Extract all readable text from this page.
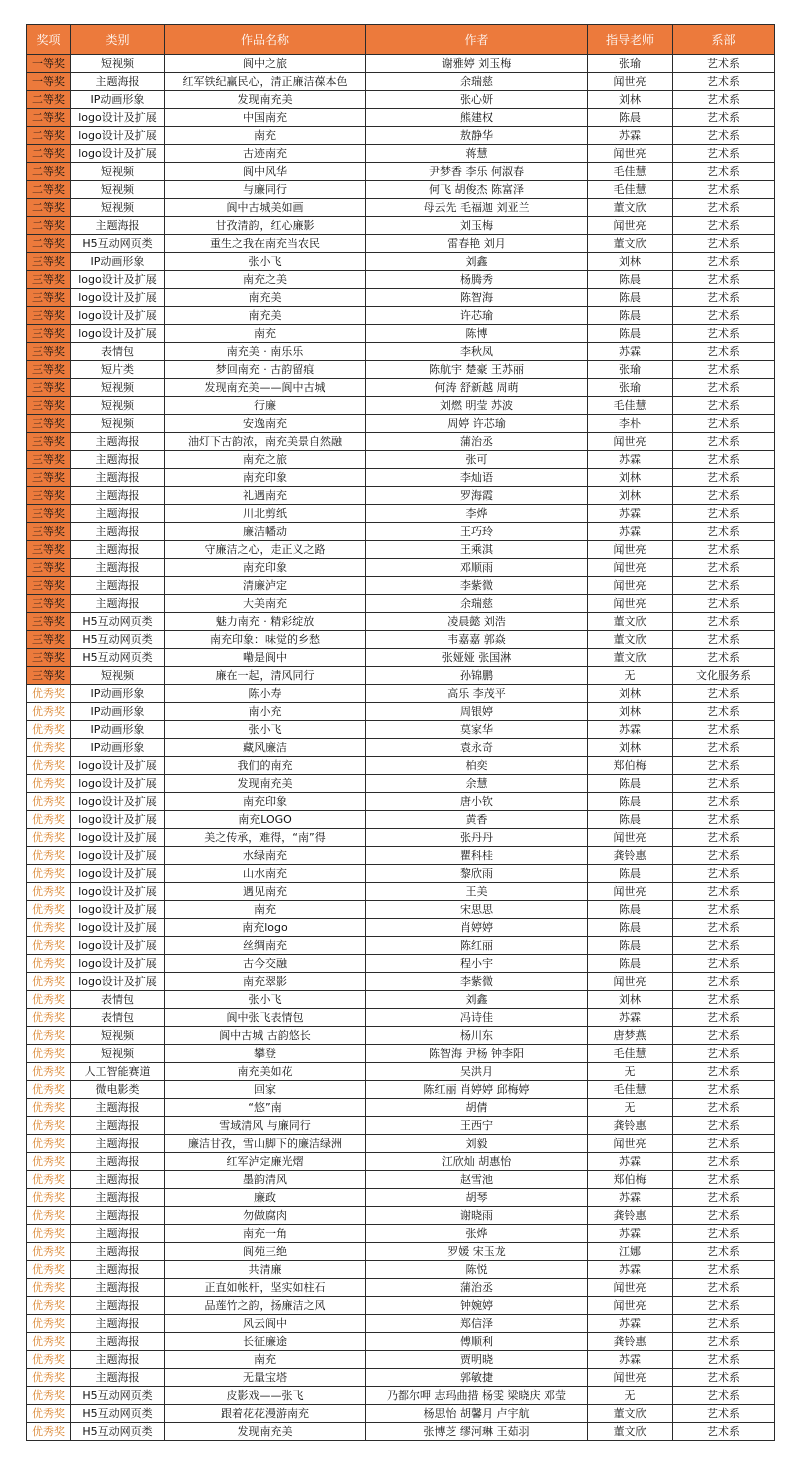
奖项	类别	作品名称	作者	指导老师	系部
一等奖	短视频	阆中之旅	谢雅婷 刘玉梅	张瑜	艺术系
一等奖	主题海报	红军铁纪赢民心，清正廉洁葆本色	余瑞慈	闻世亮	艺术系
二等奖	IP动画形象	发现南充美	张心妍	刘林	艺术系
二等奖	logo设计及扩展	中国南充	熊建权	陈晨	艺术系
二等奖	logo设计及扩展	南充	敖静华	苏霖	艺术系
二等奖	logo设计及扩展	古迹南充	蒋慧	闻世亮	艺术系
二等奖	短视频	阆中风华	尹梦香 李乐 何淑春	毛佳慧	艺术系
二等奖	短视频	与廉同行	何飞 胡俊杰 陈富泽	毛佳慧	艺术系
二等奖	短视频	阆中古城美如画	母云先 毛福迦 刘亚兰	董文欣	艺术系
二等奖	主题海报	甘孜清韵，红心廉影	刘玉梅	闻世亮	艺术系
二等奖	H5互动网页类	重生之我在南充当农民	雷春艳 刘月	董文欣	艺术系
三等奖	IP动画形象	张小飞	刘鑫	刘林	艺术系
三等奖	logo设计及扩展	南充之美	杨腾秀	陈晨	艺术系
三等奖	logo设计及扩展	南充美	陈智海	陈晨	艺术系
三等奖	logo设计及扩展	南充美	许芯瑜	陈晨	艺术系
三等奖	logo设计及扩展	南充	陈博	陈晨	艺术系
三等奖	表情包	南充美 · 南乐乐	李秋凤	苏霖	艺术系
三等奖	短片类	梦回南充 · 古韵留痕	陈航宇 楚豪 王苏丽	张瑜	艺术系
三等奖	短视频	发现南充美——阆中古城	何涛 舒新越 周萌	张瑜	艺术系
三等奖	短视频	行廉	刘燃 明莹 苏波	毛佳慧	艺术系
三等奖	短视频	安逸南充	周婷 许芯瑜	李朴	艺术系
三等奖	主题海报	油灯下古韵浓，南充美景自然融	蒲治丞	闻世亮	艺术系
三等奖	主题海报	南充之旅	张可	苏霖	艺术系
三等奖	主题海报	南充印象	李灿语	刘林	艺术系
三等奖	主题海报	礼遇南充	罗海霞	刘林	艺术系
三等奖	主题海报	川北剪纸	李烨	苏霖	艺术系
三等奖	主题海报	廉洁幡动	王巧玲	苏霖	艺术系
三等奖	主题海报	守廉洁之心，走正义之路	王乘淇	闻世亮	艺术系
三等奖	主题海报	南充印象	邓顺雨	闻世亮	艺术系
三等奖	主题海报	清廉泸定	李紫微	闻世亮	艺术系
三等奖	主题海报	大美南充	余瑞慈	闻世亮	艺术系
三等奖	H5互动网页类	魅力南充 · 精彩绽放	凌晨懿 刘浩	董文欣	艺术系
三等奖	H5互动网页类	南充印象：味觉的乡愁	韦嘉嘉 郭焱	董文欣	艺术系
三等奖	H5互动网页类	嘞是阆中	张娅娅 张国淋	董文欣	艺术系
三等奖	短视频	廉在一起，清风同行	孙锦鹏	无	文化服务系
优秀奖	IP动画形象	陈小寿	高乐 李茂平	刘林	艺术系
优秀奖	IP动画形象	南小充	周银婷	刘林	艺术系
优秀奖	IP动画形象	张小飞	莫家华	苏霖	艺术系
优秀奖	IP动画形象	藏风廉洁	袁永奇	刘林	艺术系
优秀奖	logo设计及扩展	我们的南充	柏奕	郑伯梅	艺术系
优秀奖	logo设计及扩展	发现南充美	余慧	陈晨	艺术系
优秀奖	logo设计及扩展	南充印象	唐小钦	陈晨	艺术系
优秀奖	logo设计及扩展	南充LOGO	黄香	陈晨	艺术系
优秀奖	logo设计及扩展	美之传承，难得，“南”得	张丹丹	闻世亮	艺术系
优秀奖	logo设计及扩展	水绿南充	瞿科桂	龚铃惠	艺术系
优秀奖	logo设计及扩展	山水南充	黎欣雨	陈晨	艺术系
优秀奖	logo设计及扩展	遇见南充	王美	闻世亮	艺术系
优秀奖	logo设计及扩展	南充	宋思思	陈晨	艺术系
优秀奖	logo设计及扩展	南充logo	肖婷婷	陈晨	艺术系
优秀奖	logo设计及扩展	丝绸南充	陈红丽	陈晨	艺术系
优秀奖	logo设计及扩展	古今交融	程小宇	陈晨	艺术系
优秀奖	logo设计及扩展	南充翠影	李紫微	闻世亮	艺术系
优秀奖	表情包	张小飞	刘鑫	刘林	艺术系
优秀奖	表情包	阆中张飞表情包	冯诗佳	苏霖	艺术系
优秀奖	短视频	阆中古城 古韵悠长	杨川东	唐梦燕	艺术系
优秀奖	短视频	攀登	陈智海 尹杨 钟李阳	毛佳慧	艺术系
优秀奖	人工智能赛道	南充美如花	吴洪月	无	艺术系
优秀奖	微电影类	回家	陈红丽 肖婷婷 邱梅婷	毛佳慧	艺术系
优秀奖	主题海报	“悠”南	胡倩	无	艺术系
优秀奖	主题海报	雪域清风 与廉同行	王西宁	龚铃惠	艺术系
优秀奖	主题海报	廉洁甘孜，雪山脚下的廉洁绿洲	刘毅	闻世亮	艺术系
优秀奖	主题海报	红军泸定廉光熠	江欣灿 胡惠怡	苏霖	艺术系
优秀奖	主题海报	墨韵清风	赵雪池	郑伯梅	艺术系
优秀奖	主题海报	廉政	胡琴	苏霖	艺术系
优秀奖	主题海报	勿做腐肉	谢晓雨	龚铃惠	艺术系
优秀奖	主题海报	南充一角	张烨	苏霖	艺术系
优秀奖	主题海报	阆苑三绝	罗媛 宋玉龙	江娜	艺术系
优秀奖	主题海报	共清廉	陈悦	苏霖	艺术系
优秀奖	主题海报	正直如帐杆，坚实如柱石	蒲治丞	闻世亮	艺术系
优秀奖	主题海报	品莲竹之韵，扬廉洁之风	钟婉婷	闻世亮	艺术系
优秀奖	主题海报	风云阆中	郑信泽	苏霖	艺术系
优秀奖	主题海报	长征廉途	傅顺利	龚铃惠	艺术系
优秀奖	主题海报	南充	贾明晓	苏霖	艺术系
优秀奖	主题海报	无量宝塔	郭敏捷	闻世亮	艺术系
优秀奖	H5互动网页类	皮影戏——张飞	乃都尔呷 志玛曲措 杨雯 梁晓庆 邓莹	无	艺术系
优秀奖	H5互动网页类	跟着花花漫游南充	杨思怡 胡馨月 卢宇航	董文欣	艺术系
优秀奖	H5互动网页类	发现南充美	张博芝 缪河琳 王茹羽	董文欣	艺术系
